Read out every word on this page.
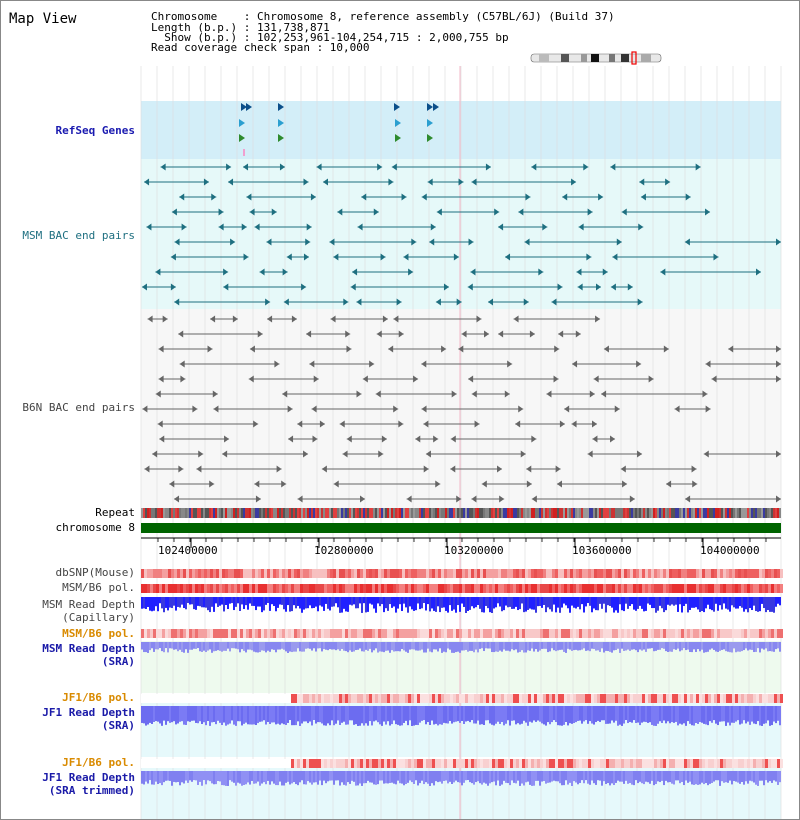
Map View	Chromosome    : Chromosome 8, reference assembly (C57BL/6J) (Build 37)
Length (b.p.) : 131,738,871
Show (b.p.) : 102,253,961-104,254,715 : 2,000,755 bp
Read coverage check span : 10,000
102400000	102800000	103200000	103600000	104000000
RefSeq Genes
MSM BAC end pairs
B6N BAC end pairs
Repeat
chromosome 8
dbSNP(Mouse)
MSM/B6 pol.
MSM Read Depth
(Capillary)
MSM/B6 pol.
MSM Read Depth
(SRA)
JF1/B6 pol.
JF1 Read Depth
(SRA)
JF1/B6 pol.
JF1 Read Depth
(SRA trimmed)
